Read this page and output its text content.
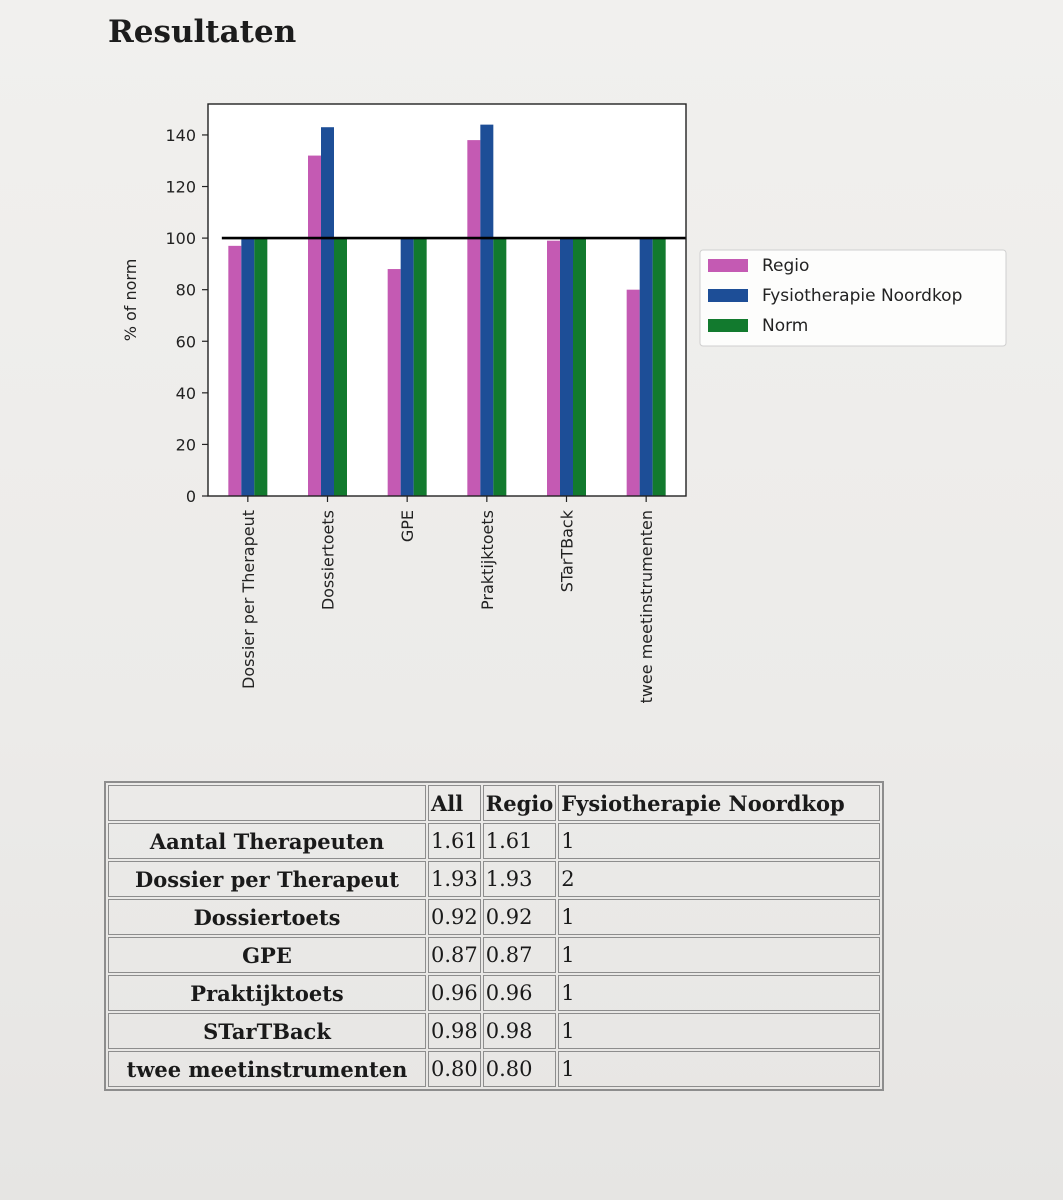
Resultaten
0
20
40
60
80
100
120
140
% of norm
Dossier per Therapeut	Dossiertoets	GPE	Praktijktoets	STarTBack	twee meetinstrumenten
Regio
Fysiotherapie Noordkop
Norm
	All	Regio	Fysiotherapie Noordkop
Aantal Therapeuten	1.61	1.61	1
Dossier per Therapeut	1.93	1.93	2
Dossiertoets	0.92	0.92	1
GPE	0.87	0.87	1
Praktijktoets	0.96	0.96	1
STarTBack	0.98	0.98	1
twee meetinstrumenten	0.80	0.80	1
